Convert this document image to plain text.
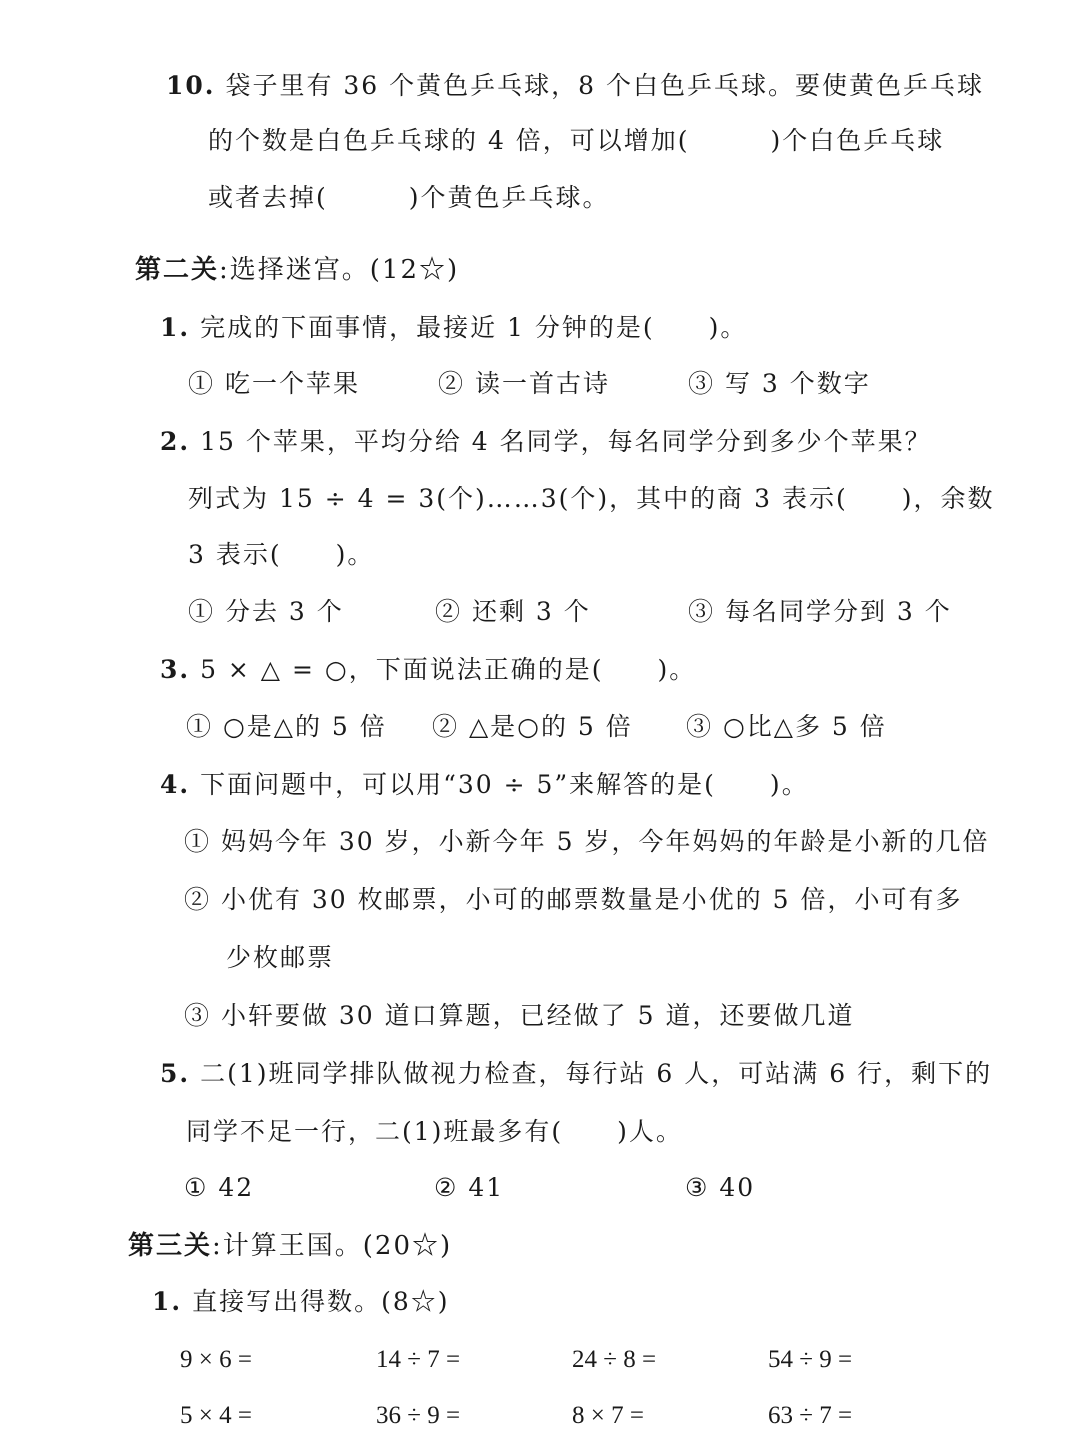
10. 袋子里有 36 个黄色乒乓球，8 个白色乒乓球。要使黄色乒乓球
的个数是白色乒乓球的 4 倍，可以增加(　　　)个白色乒乓球
或者去掉(　　　)个黄色乒乓球。
第二关:选择迷宫。(12☆)
1. 完成的下面事情，最接近 1 分钟的是(　　)。
① 吃一个苹果	② 读一首古诗	③ 写 3 个数字
2. 15 个苹果，平均分给 4 名同学，每名同学分到多少个苹果？
列式为 15 ÷ 4 = 3(个)……3(个)，其中的商 3 表示(　　)，余数
3 表示(　　)。
① 分去 3 个	② 还剩 3 个	③ 每名同学分到 3 个
3. 5 × △ = ○，下面说法正确的是(　　)。
① ○是△的 5 倍 ② △是○的 5 倍 ③ ○比△多 5 倍
4. 下面问题中，可以用“30 ÷ 5”来解答的是(　　)。
① 妈妈今年 30 岁，小新今年 5 岁，今年妈妈的年龄是小新的几倍
② 小优有 30 枚邮票，小可的邮票数量是小优的 5 倍，小可有多
少枚邮票
③ 小轩要做 30 道口算题，已经做了 5 道，还要做几道
5. 二(1)班同学排队做视力检查，每行站 6 人，可站满 6 行，剩下的
同学不足一行，二(1)班最多有(　　)人。
① 42	② 41	③ 40
第三关:计算王国。(20☆)
1. 直接写出得数。(8☆)
9 × 6 =	14 ÷ 7 =	24 ÷ 8 =	54 ÷ 9 =
5 × 4 =	36 ÷ 9 =	8 × 7 =	63 ÷ 7 =
